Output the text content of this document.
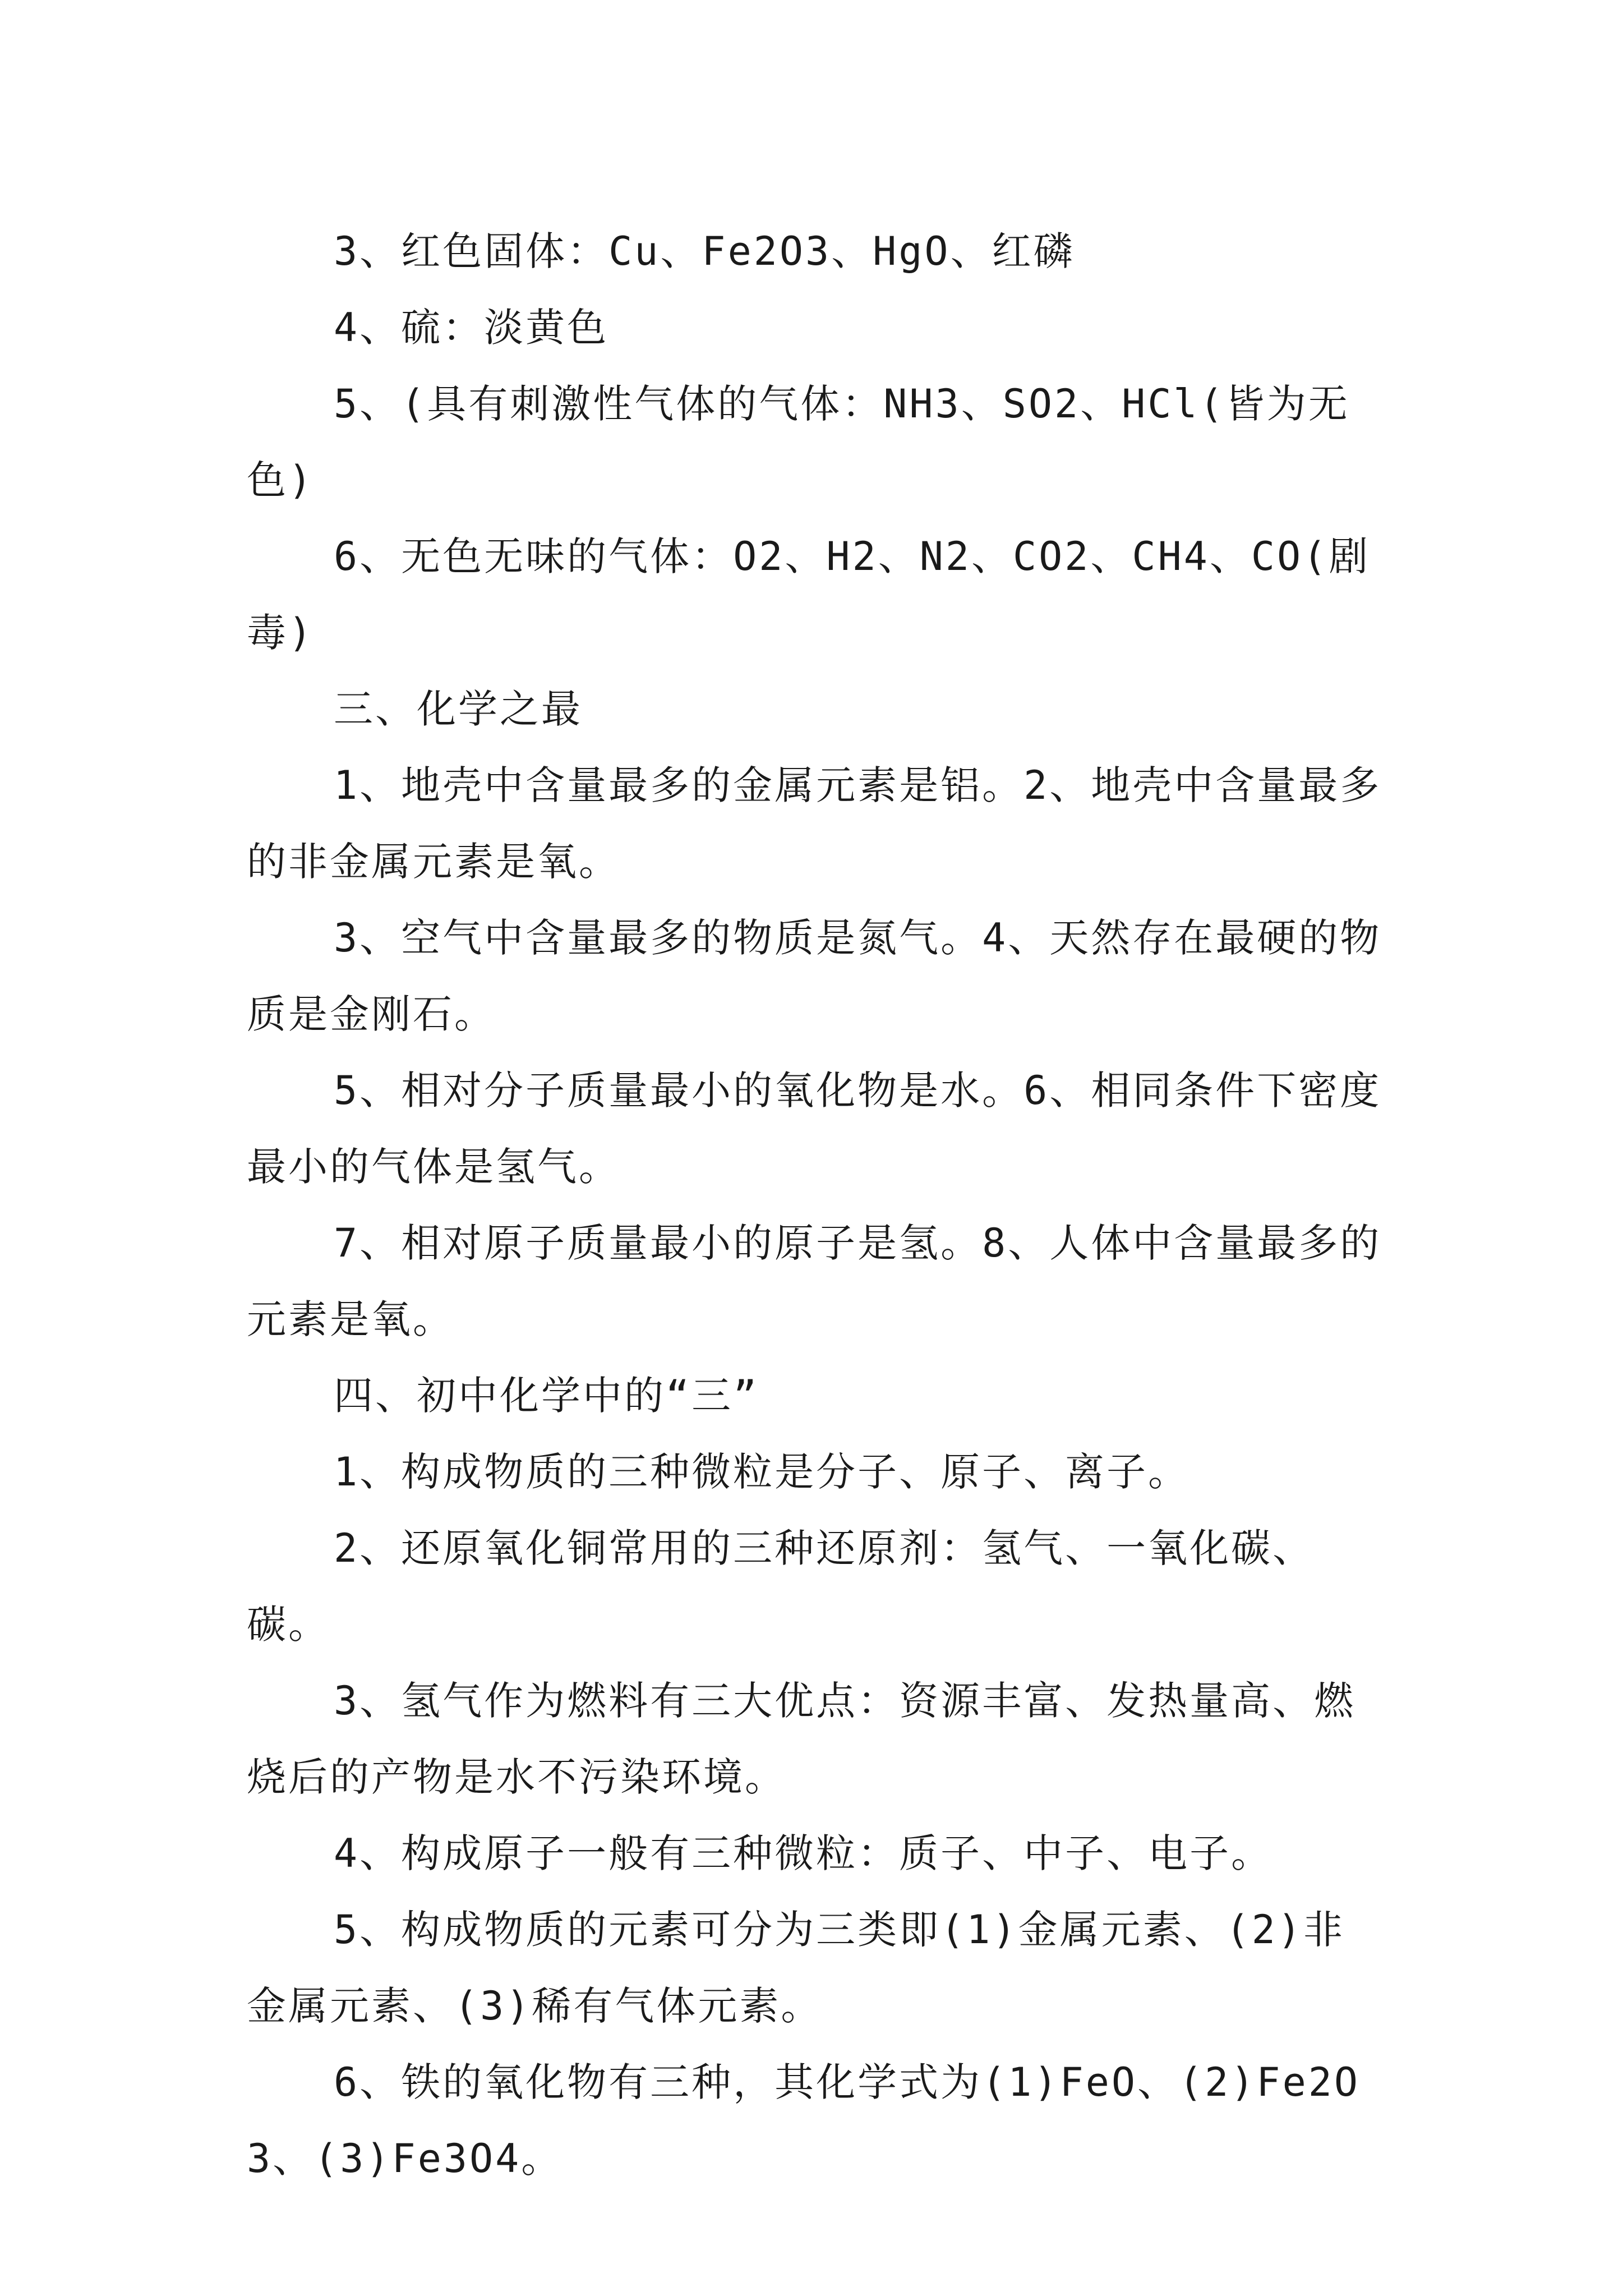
3、红色固体：Cu、Fe2O3、HgO、红磷

4、硫：淡黄色

5、(具有刺激性气体的气体：NH3、SO2、HCl(皆为无色)

6、无色无味的气体：O2、H2、N2、CO2、CH4、CO(剧毒)

三、化学之最

1、地壳中含量最多的金属元素是铝。2、地壳中含量最多的非金属元素是氧。

3、空气中含量最多的物质是氮气。4、天然存在最硬的物质是金刚石。

5、相对分子质量最小的氧化物是水。6、相同条件下密度最小的气体是氢气。

7、相对原子质量最小的原子是氢。8、人体中含量最多的元素是氧。

四、初中化学中的“三”

1、构成物质的三种微粒是分子、原子、离子。

2、还原氧化铜常用的三种还原剂：氢气、一氧化碳、碳。

3、氢气作为燃料有三大优点：资源丰富、发热量高、燃烧后的产物是水不污染环境。

4、构成原子一般有三种微粒：质子、中子、电子。

5、构成物质的元素可分为三类即(1)金属元素、(2)非金属元素、(3)稀有气体元素。

6、铁的氧化物有三种，其化学式为(1)FeO、(2)Fe2O3、(3)Fe3O4。
